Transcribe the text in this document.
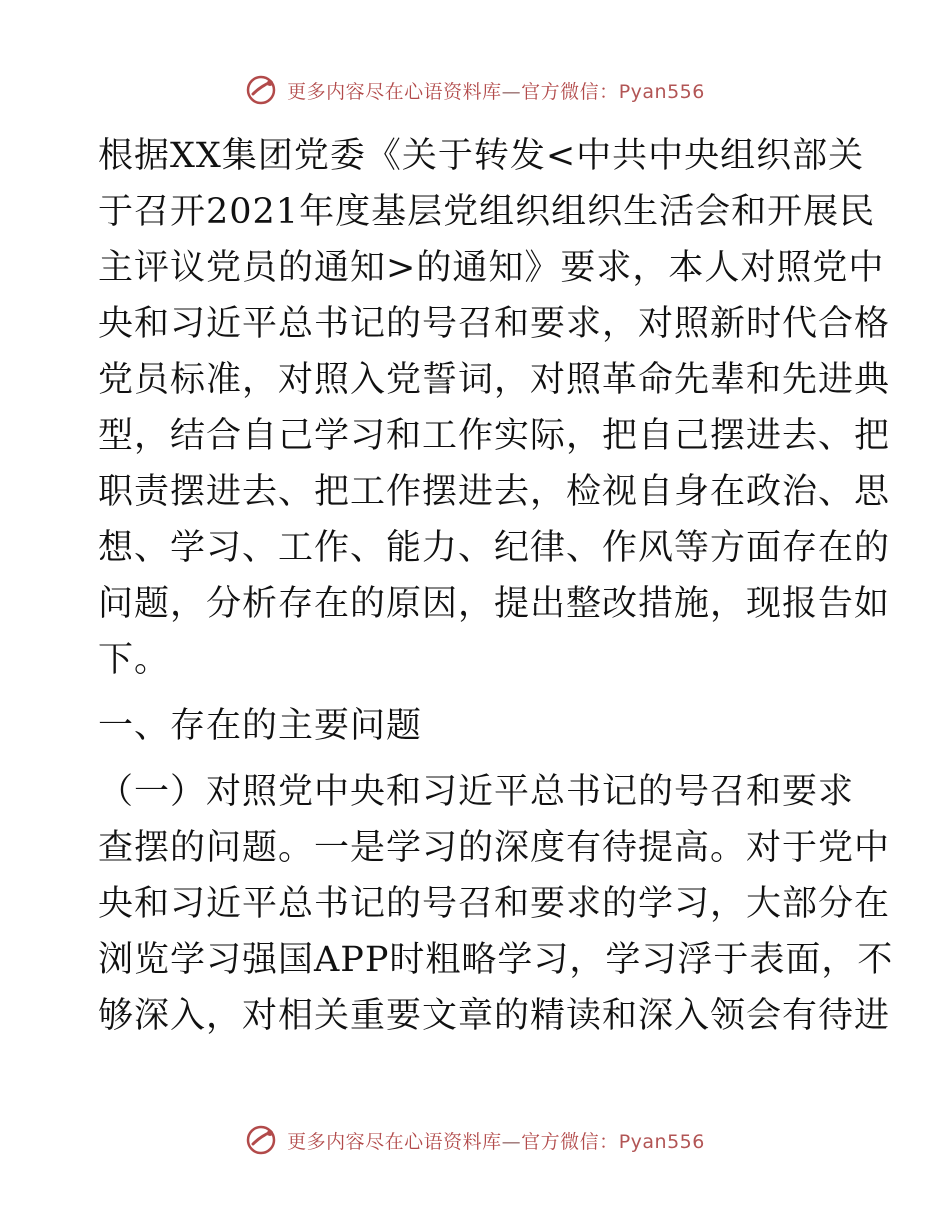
更多内容尽在心语资料库—官方微信：Pyan556

根据XX集团党委《关于转发<中共中央组织部关
于召开2021年度基层党组织组织生活会和开展民
主评议党员的通知>的通知》要求，本人对照党中
央和习近平总书记的号召和要求，对照新时代合格
党员标准，对照入党誓词，对照革命先辈和先进典
型，结合自己学习和工作实际，把自己摆进去、把
职责摆进去、把工作摆进去，检视自身在政治、思
想、学习、工作、能力、纪律、作风等方面存在的
问题，分析存在的原因，提出整改措施，现报告如
下。

一、存在的主要问题

（一）对照党中央和习近平总书记的号召和要求
查摆的问题。一是学习的深度有待提高。对于党中
央和习近平总书记的号召和要求的学习，大部分在
浏览学习强国APP时粗略学习，学习浮于表面，不
够深入，对相关重要文章的精读和深入领会有待进

更多内容尽在心语资料库—官方微信：Pyan556
